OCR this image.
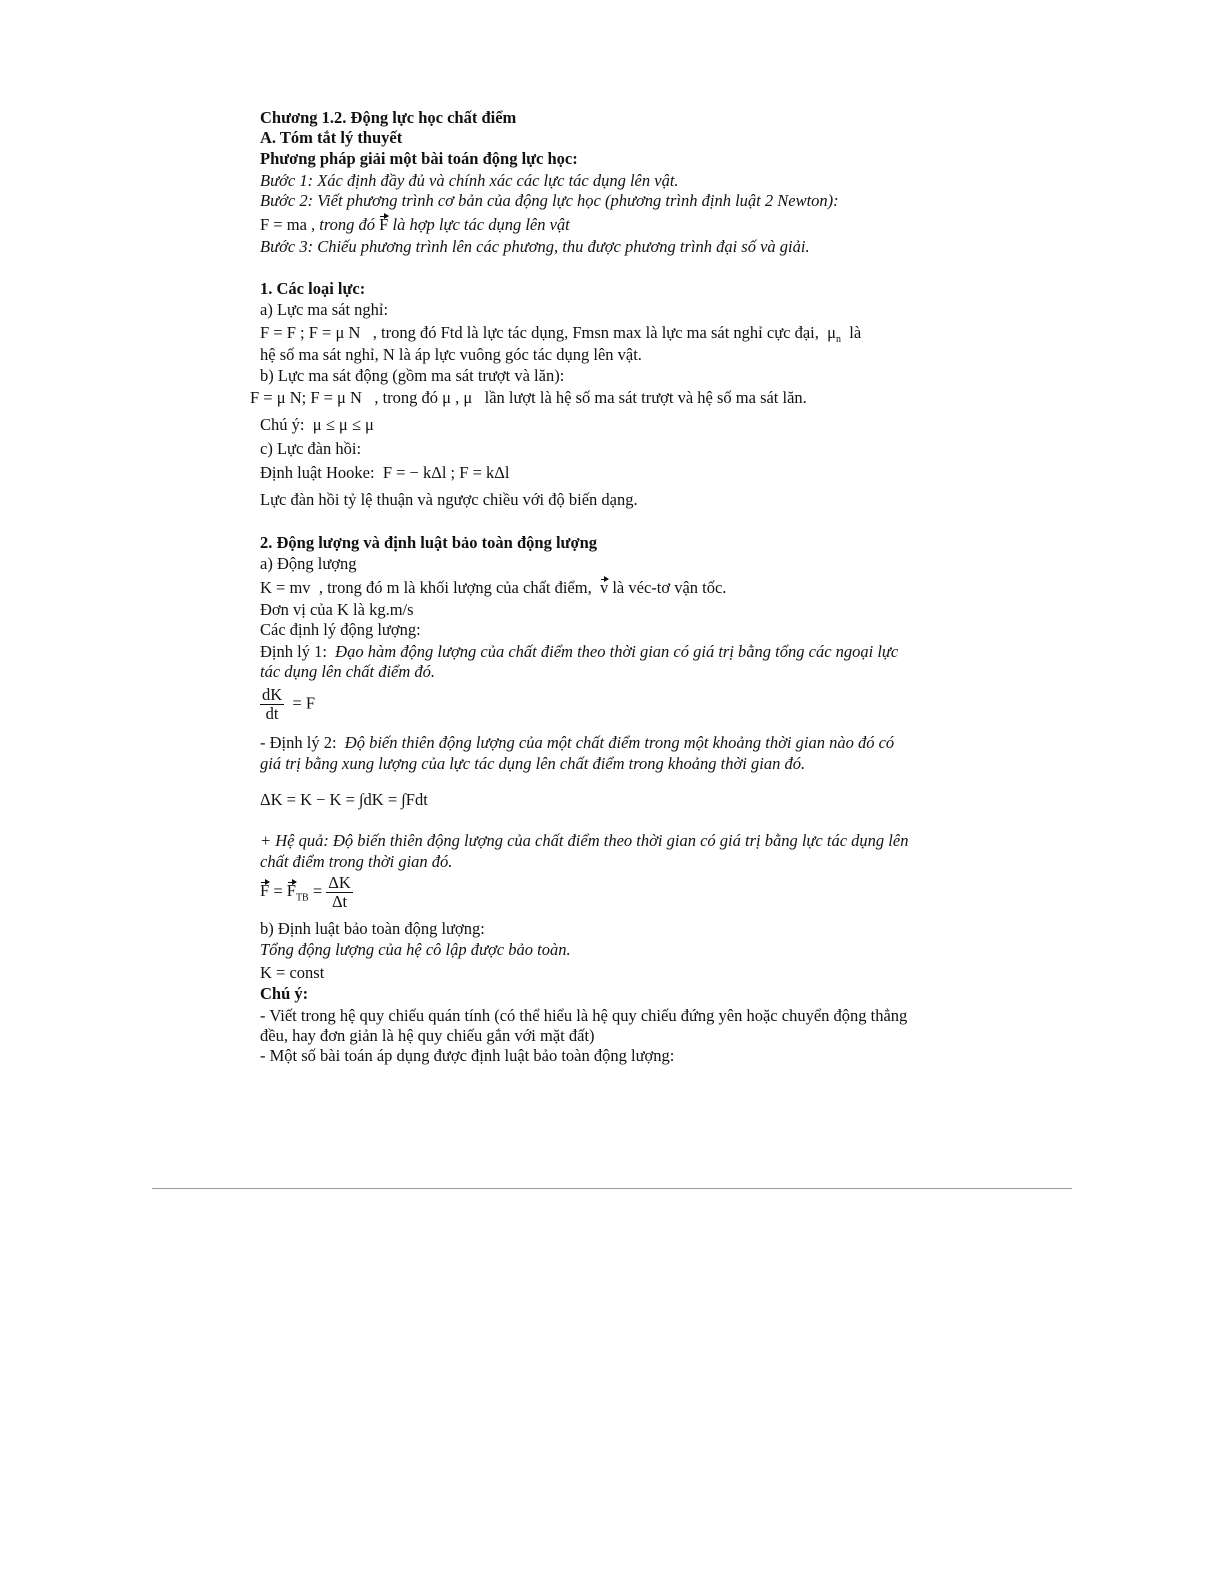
Chương 1.2. Động lực học chất điểm
A. Tóm tắt lý thuyết
Phương pháp giải một bài toán động lực học:
Bước 1: Xác định đầy đủ và chính xác các lực tác dụng lên vật.
Bước 2: Viết phương trình cơ bản của động lực học (phương trình định luật 2 Newton):
F = ma , trong đó F là hợp lực tác dụng lên vật
Bước 3: Chiếu phương trình lên các phương, thu được phương trình đại số và giải.
1. Các loại lực:
a) Lực ma sát nghỉ:
F = F ; F = μ N , trong đó Ftd là lực tác dụng, Fmsn max là lực ma sát nghỉ cực đại, $\mu_n$ là
hệ số ma sát nghỉ, N là áp lực vuông góc tác dụng lên vật.
b) Lực ma sát động (gồm ma sát trượt và lăn):
F = μ N; F = μ N , trong đó μ , μ lần lượt là hệ số ma sát trượt và hệ số ma sát lăn.
Chú ý: μ ≤ μ ≤ μ
c) Lực đàn hồi:
Định luật Hooke: F = − kΔl ; F = kΔl
Lực đàn hồi tỷ lệ thuận và ngược chiều với độ biến dạng.
2. Động lượng và định luật bảo toàn động lượng
a) Động lượng
K = mv , trong đó m là khối lượng của chất điểm, v là véc-tơ vận tốc.
Đơn vị của K là kg.m/s
Các định lý động lượng:
Định lý 1: Đạo hàm động lượng của chất điểm theo thời gian có giá trị bằng tổng các ngoại lực
tác dụng lên chất điểm đó.
$\frac{dK}{dt} = F$
- Định lý 2: Độ biến thiên động lượng của một chất điểm trong một khoảng thời gian nào đó có
giá trị bằng xung lượng của lực tác dụng lên chất điểm trong khoảng thời gian đó.
ΔK = K − K = ∫dK = ∫Fdt
+ Hệ quả: Độ biến thiên động lượng của chất điểm theo thời gian có giá trị bằng lực tác dụng lên
chất điểm trong thời gian đó.
$F = F_{TB} = \frac{\Delta K}{\Delta t}$
b) Định luật bảo toàn động lượng:
Tổng động lượng của hệ cô lập được bảo toàn.
K = const
Chú ý:
- Viết trong hệ quy chiếu quán tính (có thể hiểu là hệ quy chiếu đứng yên hoặc chuyển động thẳng
đều, hay đơn giản là hệ quy chiếu gắn với mặt đất)
- Một số bài toán áp dụng được định luật bảo toàn động lượng:
